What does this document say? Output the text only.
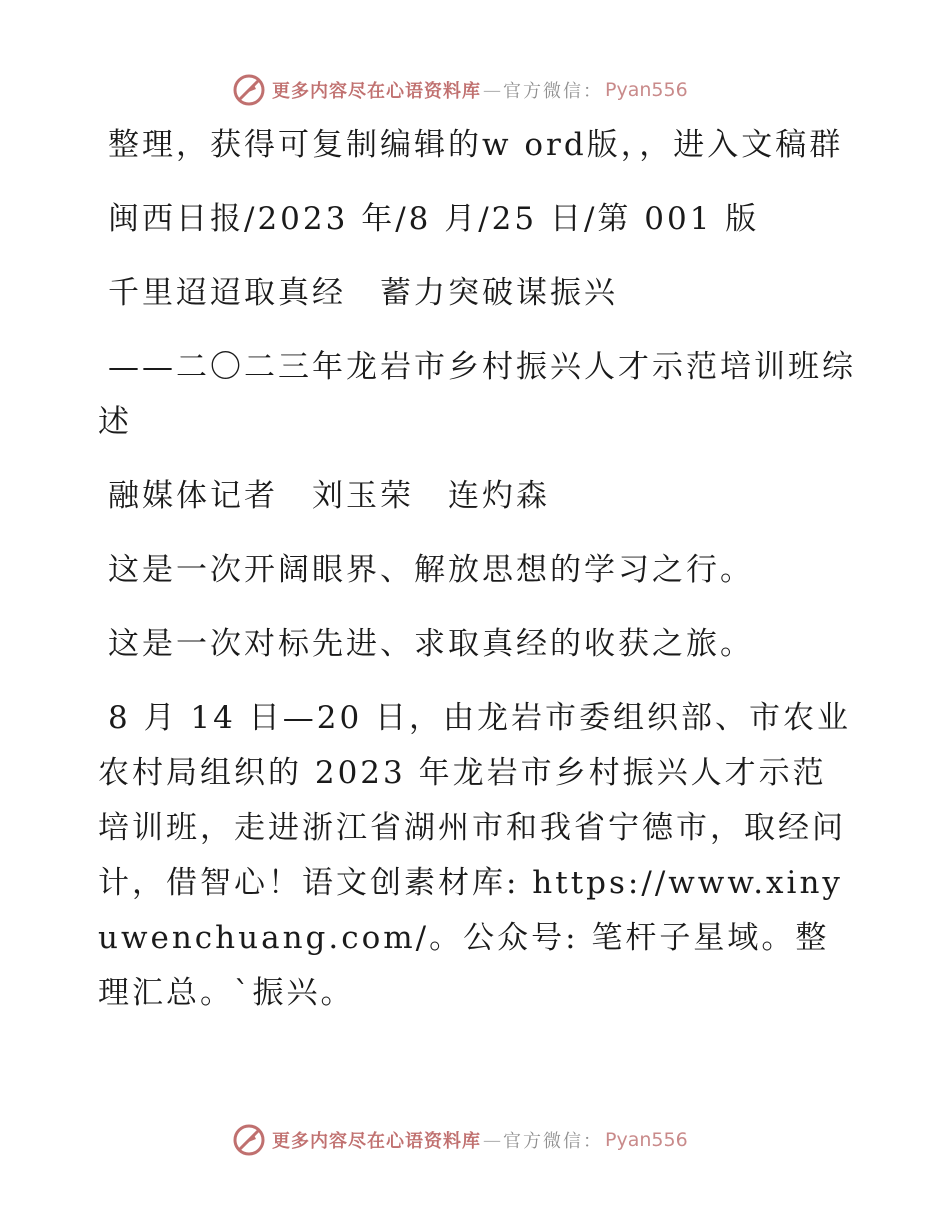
更多内容尽在心语资料库 — 官方微信： Pyan556

整理，获得可复制编辑的w ord版，，进入文稿群

闽西日报/2023 年/8 月/25 日/第 001 版

千里迢迢取真经　蓄力突破谋振兴

——二〇二三年龙岩市乡村振兴人才示范培训班综述

融媒体记者　刘玉荣　连灼森

这是一次开阔眼界、解放思想的学习之行。

这是一次对标先进、求取真经的收获之旅。

8 月 14 日—20 日，由龙岩市委组织部、市农业农村局组织的 2023 年龙岩市乡村振兴人才示范培训班，走进浙江省湖州市和我省宁德市，取经问计，借智心！语文创素材库: https://www.xinyuwenchuang.com/。公众号: 笔杆子星域。整理汇总。`振兴。

更多内容尽在心语资料库 — 官方微信： Pyan556
